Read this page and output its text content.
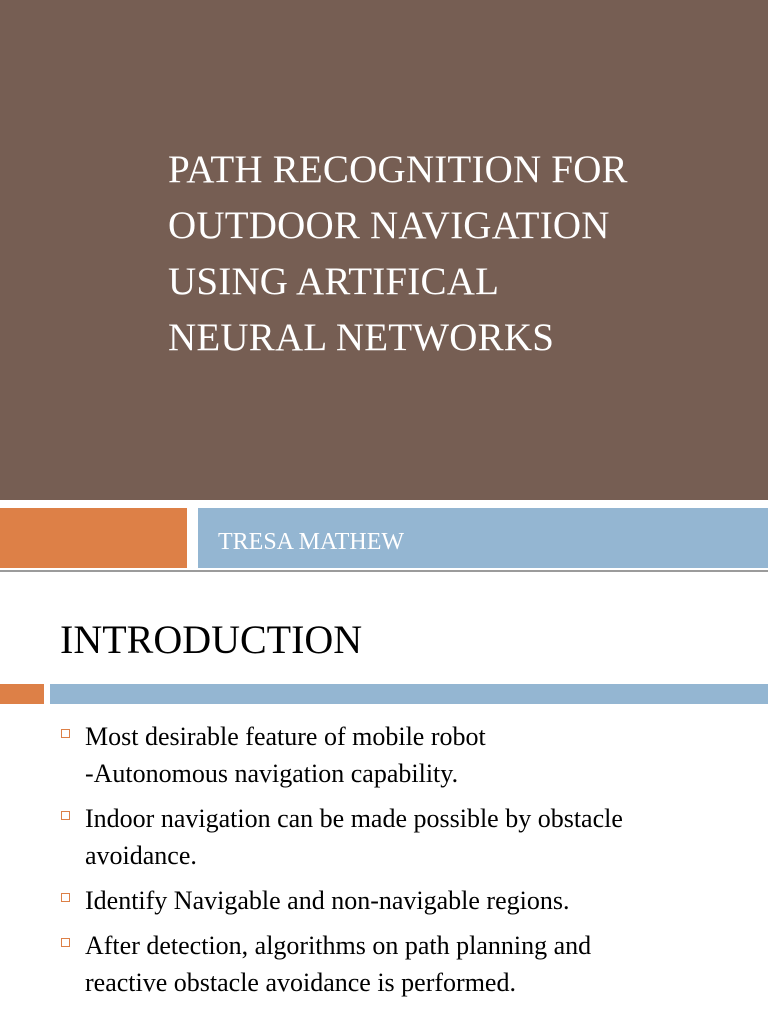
PATH RECOGNITION FOR
OUTDOOR NAVIGATION
USING ARTIFICAL
NEURAL NETWORKS

TRESA MATHEW

INTRODUCTION
Most desirable feature of mobile robot
-Autonomous navigation capability.
Indoor navigation can be made possible by obstacle
avoidance.
Identify Navigable and non-navigable regions.
After detection, algorithms on path planning and
reactive obstacle avoidance is performed.
